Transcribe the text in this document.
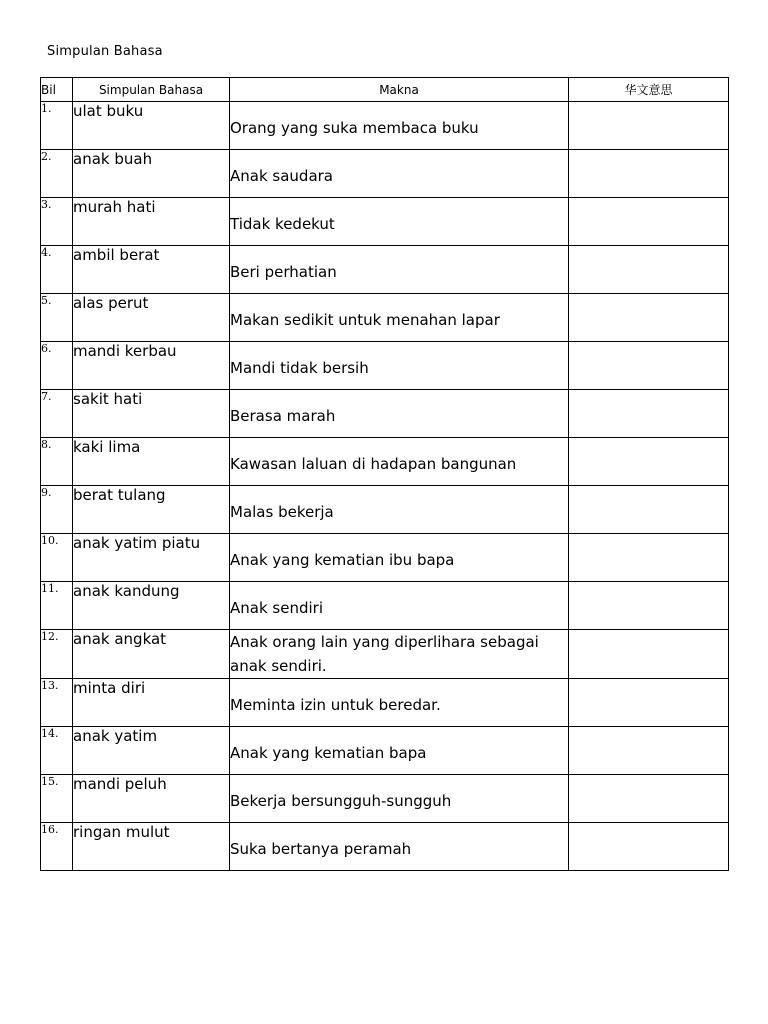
Simpulan Bahasa
Bil	Simpulan Bahasa	Makna	华文意思
1.	ulat buku	Orang yang suka membaca buku	

2.	anak buah	Anak saudara	

3.	murah hati	Tidak kedekut	

4.	ambil berat	Beri perhatian	

5.	alas perut	Makan sedikit untuk menahan lapar	

6.	mandi kerbau	Mandi tidak bersih	

7.	sakit hati	Berasa marah	

8.	kaki lima	Kawasan laluan di hadapan bangunan	

9.	berat tulang	Malas bekerja	

10.	anak yatim piatu	Anak yang kematian ibu bapa	

11.	anak kandung	Anak sendiri	

12.	anak angkat	Anak orang lain yang diperlihara sebagai anak sendiri.	

13.	minta diri	Meminta izin untuk beredar.	

14.	anak yatim	Anak yang kematian bapa	

15.	mandi peluh	Bekerja bersungguh-sungguh	

16.	ringan mulut	Suka bertanya peramah	
